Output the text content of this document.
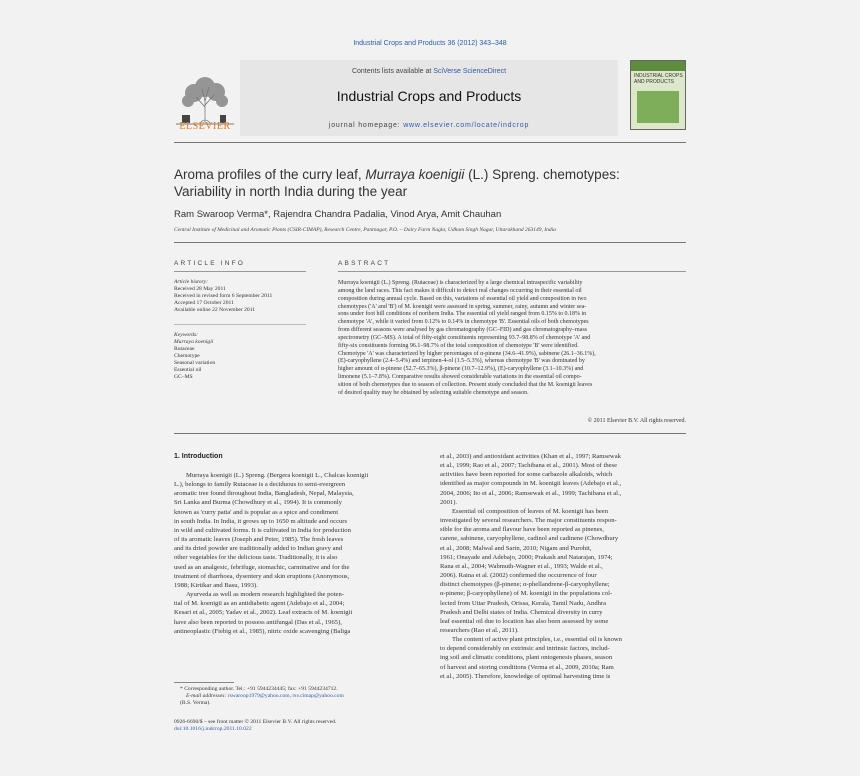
Industrial Crops and Products 36 (2012) 343–348
Contents lists available at SciVerse ScienceDirect
Industrial Crops and Products
journal homepage: www.elsevier.com/locate/indcrop
ELSEVIER
INDUSTRIAL CROPS AND PRODUCTS
Aroma profiles of the curry leaf, Murraya koenigii (L.) Spreng. chemotypes:
Variability in north India during the year
Ram Swaroop Verma*, Rajendra Chandra Padalia, Vinod Arya, Amit Chauhan
Central Institute of Medicinal and Aromatic Plants (CSIR-CIMAP), Research Centre, Pantnagar, P.O. – Dairy Farm Nagla, Udham Singh Nagar, Uttarakhand 263149, India
ARTICLE INFO
Article history:
Received 28 May 2011
Received in revised form 6 September 2011
Accepted 17 October 2011
Available online 22 November 2011
Keywords:
Murraya koenigii
Rutaceae
Chemotype
Seasonal variation
Essential oil
GC–MS
ABSTRACT
Murraya koenigii (L.) Spreng. (Rutaceae) is characterized by a large chemical intraspecific variability
among the land races. This fact makes it difficult to detect real changes occurring in their essential oil
composition during annual cycle. Based on this, variations of essential oil yield and composition in two
chemotypes ('A' and 'B') of M. koenigii were assessed in spring, summer, rainy, autumn and winter sea-
sons under foot hill conditions of northern India. The essential oil yield ranged from 0.15% to 0.18% in
chemotype 'A', while it varied from 0.12% to 0.14% in chemotype 'B'. Essential oils of both chemotypes
from different seasons were analysed by gas chromatography (GC–FID) and gas chromatography–mass
spectrometry (GC–MS). A total of fifty-eight constituents representing 93.7–98.8% of chemotype 'A' and
fifty-six constituents forming 96.1–98.7% of the total composition of chemotype 'B' were identified.
Chemotype 'A' was characterized by higher percentages of α-pinene (34.6–41.9%), sabinene (26.1–36.1%),
(E)-caryophyllene (2.4–5.4%) and terpinen-4-ol (1.5–5.3%), whereas chemotype 'B' was dominated by
higher amount of α-pinene (52.7–65.3%), β-pinene (10.7–12.9%), (E)-caryophyllene (3.1–10.3%) and
limonene (5.1–7.8%). Comparative results showed considerable variations in the essential oil compo-
sition of both chemotypes due to season of collection. Present study concluded that the M. koenigii leaves
of desired quality may be obtained by selecting suitable chemotype and season.
© 2011 Elsevier B.V. All rights reserved.
1. Introduction
Murraya koenigii (L.) Spreng. (Bergera koenigii L., Chalcas koenigii
L.), belongs to family Rutaceae is a deciduous to semi-evergreen
aromatic tree found throughout India, Bangladesh, Nepal, Malaysia,
Sri Lanka and Burma (Chowdhury et al., 1994). It is commonly
known as 'curry patta' and is popular as a spice and condiment
in south India. In India, it grows up to 1650 m altitude and occurs
in wild and cultivated forms. It is cultivated in India for production
of its aromatic leaves (Joseph and Peter, 1985). The fresh leaves
and its dried powder are traditionally added to Indian gravy and
other vegetables for the delicious taste. Traditionally, it is also
used as an analgesic, febrifuge, stomachic, carminative and for the
treatment of diarrhoea, dysentery and skin eruptions (Anonymous,
1988; Kirtikar and Basu, 1993).
Ayurveda as well as modern research highlighted the poten-
tial of M. koenigii as an antidiabetic agent (Adebajo et al., 2004;
Kesari et al., 2005; Yadav et al., 2002). Leaf extracts of M. koenigii
have also been reported to possess antifungal (Das et al., 1965),
antineoplastic (Fiebig et al., 1985), nitric oxide scavenging (Baliga
et al., 2003) and antioxidant activities (Khan et al., 1997; Ramsewak
et al., 1999; Rao et al., 2007; Tachibana et al., 2001). Most of these
activities have been reported for some carbazole alkaloids, which
identified as major compounds in M. koenigii leaves (Adebajo et al.,
2004, 2006; Ito et al., 2006; Ramsewak et al., 1999; Tachibana et al.,
2001).
Essential oil composition of leaves of M. koenigii has been
investigated by several researchers. The major constituents respon-
sible for the aroma and flavour have been reported as pinenes,
carene, sabinene, caryophyllene, cadinol and cadinene (Chowdhury
et al., 2008; Malwal and Sarin, 2010; Nigam and Purohit,
1961; Onayade and Adebajo, 2000; Prakash and Natarajan, 1974;
Rana et al., 2004; Wabmuth-Wagner et al., 1993; Walde et al.,
2006). Raina et al. (2002) confirmed the occurrence of four
distinct chemotypes (β-pinene; α-phellandrene-β-caryophyllene;
α-pinene; β-caryophyllene) of M. koenigii in the populations col-
lected from Uttar Pradesh, Orissa, Kerala, Tamil Nadu, Andhra
Pradesh and Delhi states of India. Chemical diversity in curry
leaf essential oil due to location has also been assessed by some
researchers (Rao et al., 2011).
The content of active plant principles, i.e., essential oil is known
to depend considerably on extrinsic and intrinsic factors, includ-
ing soil and climatic conditions, plant ontogenesis phases, season
of harvest and storing conditions (Verma et al., 2009, 2010a; Ram
et al., 2005). Therefore, knowledge of optimal harvesting time is
* Corresponding author. Tel.: +91 5944234445; fax: +91 5944234712.
E-mail addresses: rswaroop1979@yahoo.com, rsv.cimap@yahoo.com
(R.S. Verma).
0926-6690/$ – see front matter © 2011 Elsevier B.V. All rights reserved.
doi:10.1016/j.indcrop.2011.10.022
